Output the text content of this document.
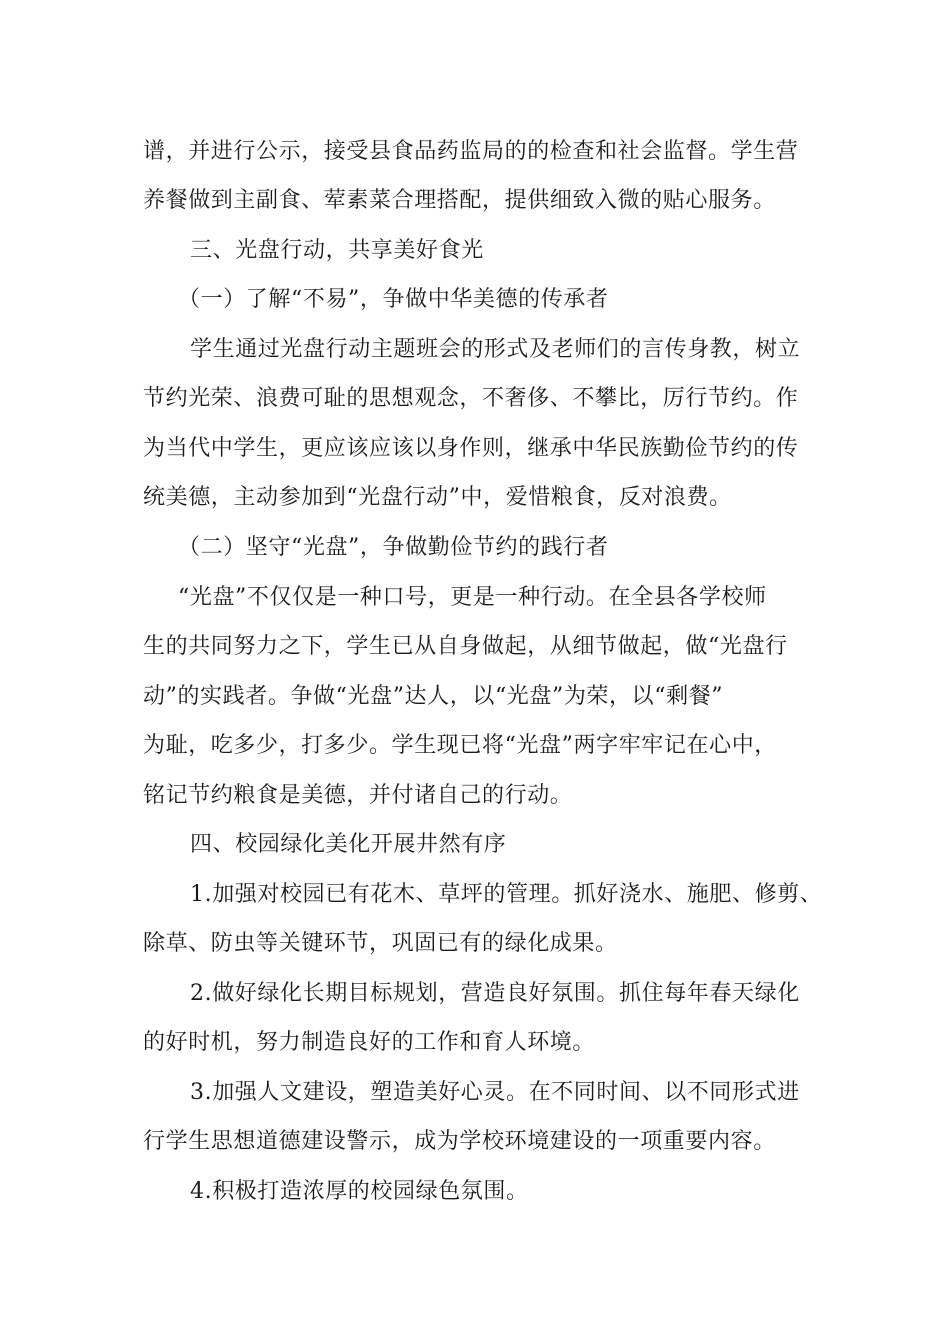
谱，并进行公示，接受县食品药监局的的检查和社会监督。学生营
养餐做到主副食、荤素菜合理搭配，提供细致入微的贴心服务。
三、光盘行动，共享美好食光
（一）了解“不易”，争做中华美德的传承者
学生通过光盘行动主题班会的形式及老师们的言传身教，树立
节约光荣、浪费可耻的思想观念，不奢侈、不攀比，厉行节约。作
为当代中学生，更应该应该以身作则，继承中华民族勤俭节约的传
统美德，主动参加到“光盘行动”中，爱惜粮食，反对浪费。
（二）坚守“光盘”，争做勤俭节约的践行者
“光盘”不仅仅是一种口号，更是一种行动。在全县各学校师
生的共同努力之下，学生已从自身做起，从细节做起，做“光盘行
动”的实践者。争做“光盘”达人，以“光盘”为荣，以“剩餐”
为耻，吃多少，打多少。学生现已将“光盘”两字牢牢记在心中，
铭记节约粮食是美德，并付诸自己的行动。
四、校园绿化美化开展井然有序
1.加强对校园已有花木、草坪的管理。抓好浇水、施肥、修剪、
除草、防虫等关键环节，巩固已有的绿化成果。
2.做好绿化长期目标规划，营造良好氛围。抓住每年春天绿化
的好时机，努力制造良好的工作和育人环境。
3.加强人文建设，塑造美好心灵。在不同时间、以不同形式进
行学生思想道德建设警示，成为学校环境建设的一项重要内容。
4.积极打造浓厚的校园绿色氛围。
